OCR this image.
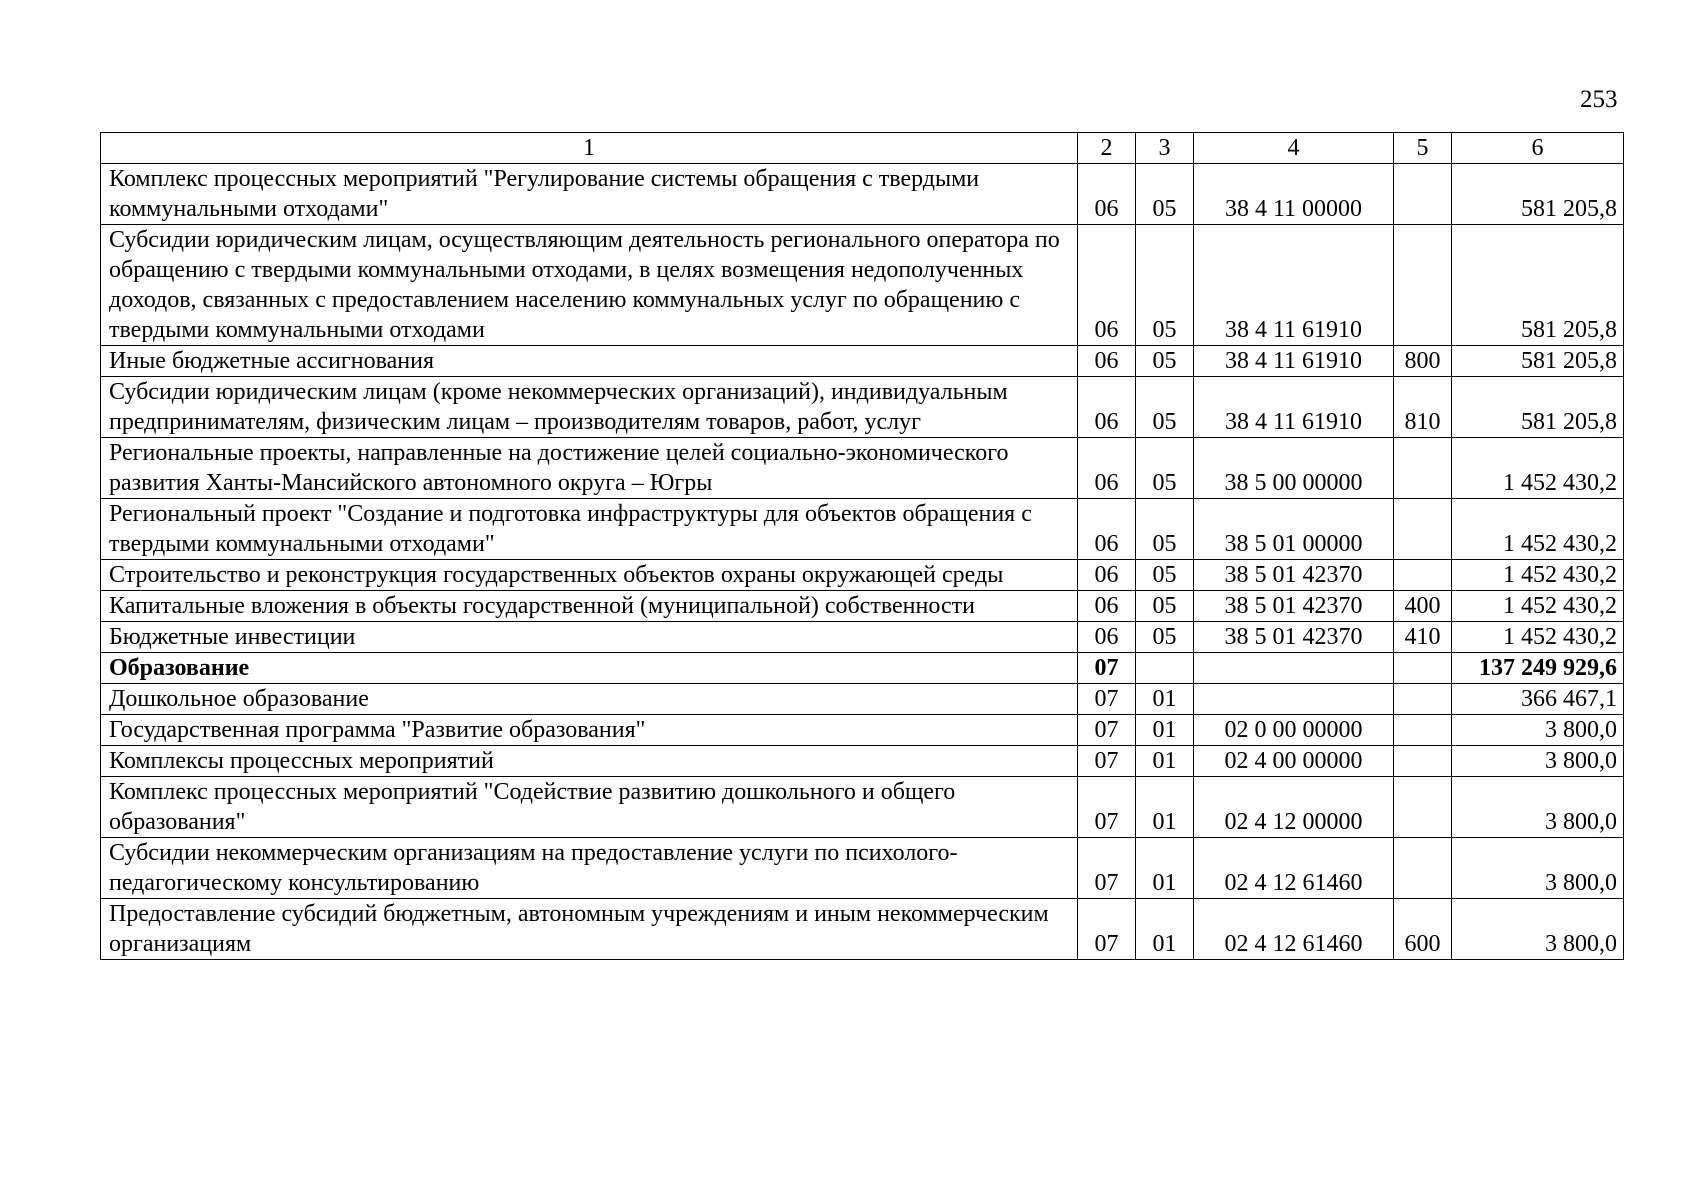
253
1	2	3	4	5	6
Комплекс процессных мероприятий "Регулирование системы обращения с твердыми коммунальными отходами"	06	05	38 4 11 00000		581 205,8
Субсидии юридическим лицам, осуществляющим деятельность регионального оператора по обращению с твердыми коммунальными отходами, в целях возмещения недополученных доходов, связанных с предоставлением населению коммунальных услуг по обращению с твердыми коммунальными отходами	06	05	38 4 11 61910		581 205,8
Иные бюджетные ассигнования	06	05	38 4 11 61910	800	581 205,8
Субсидии юридическим лицам (кроме некоммерческих организаций), индивидуальным предпринимателям, физическим лицам – производителям товаров, работ, услуг	06	05	38 4 11 61910	810	581 205,8
Региональные проекты, направленные на достижение целей социально-экономического развития Ханты-Мансийского автономного округа – Югры	06	05	38 5 00 00000		1 452 430,2
Региональный проект "Создание и подготовка инфраструктуры для объектов обращения с твердыми коммунальными отходами"	06	05	38 5 01 00000		1 452 430,2
Строительство и реконструкция государственных объектов охраны окружающей среды	06	05	38 5 01 42370		1 452 430,2
Капитальные вложения в объекты государственной (муниципальной) собственности	06	05	38 5 01 42370	400	1 452 430,2
Бюджетные инвестиции	06	05	38 5 01 42370	410	1 452 430,2
Образование	07				137 249 929,6
Дошкольное образование	07	01			366 467,1
Государственная программа "Развитие образования"	07	01	02 0 00 00000		3 800,0
Комплексы процессных мероприятий	07	01	02 4 00 00000		3 800,0
Комплекс процессных мероприятий "Содействие развитию дошкольного и общего образования"	07	01	02 4 12 00000		3 800,0
Субсидии некоммерческим организациям на предоставление услуги по психолого-педагогическому консультированию	07	01	02 4 12 61460		3 800,0
Предоставление субсидий бюджетным, автономным учреждениям и иным некоммерческим организациям	07	01	02 4 12 61460	600	3 800,0
